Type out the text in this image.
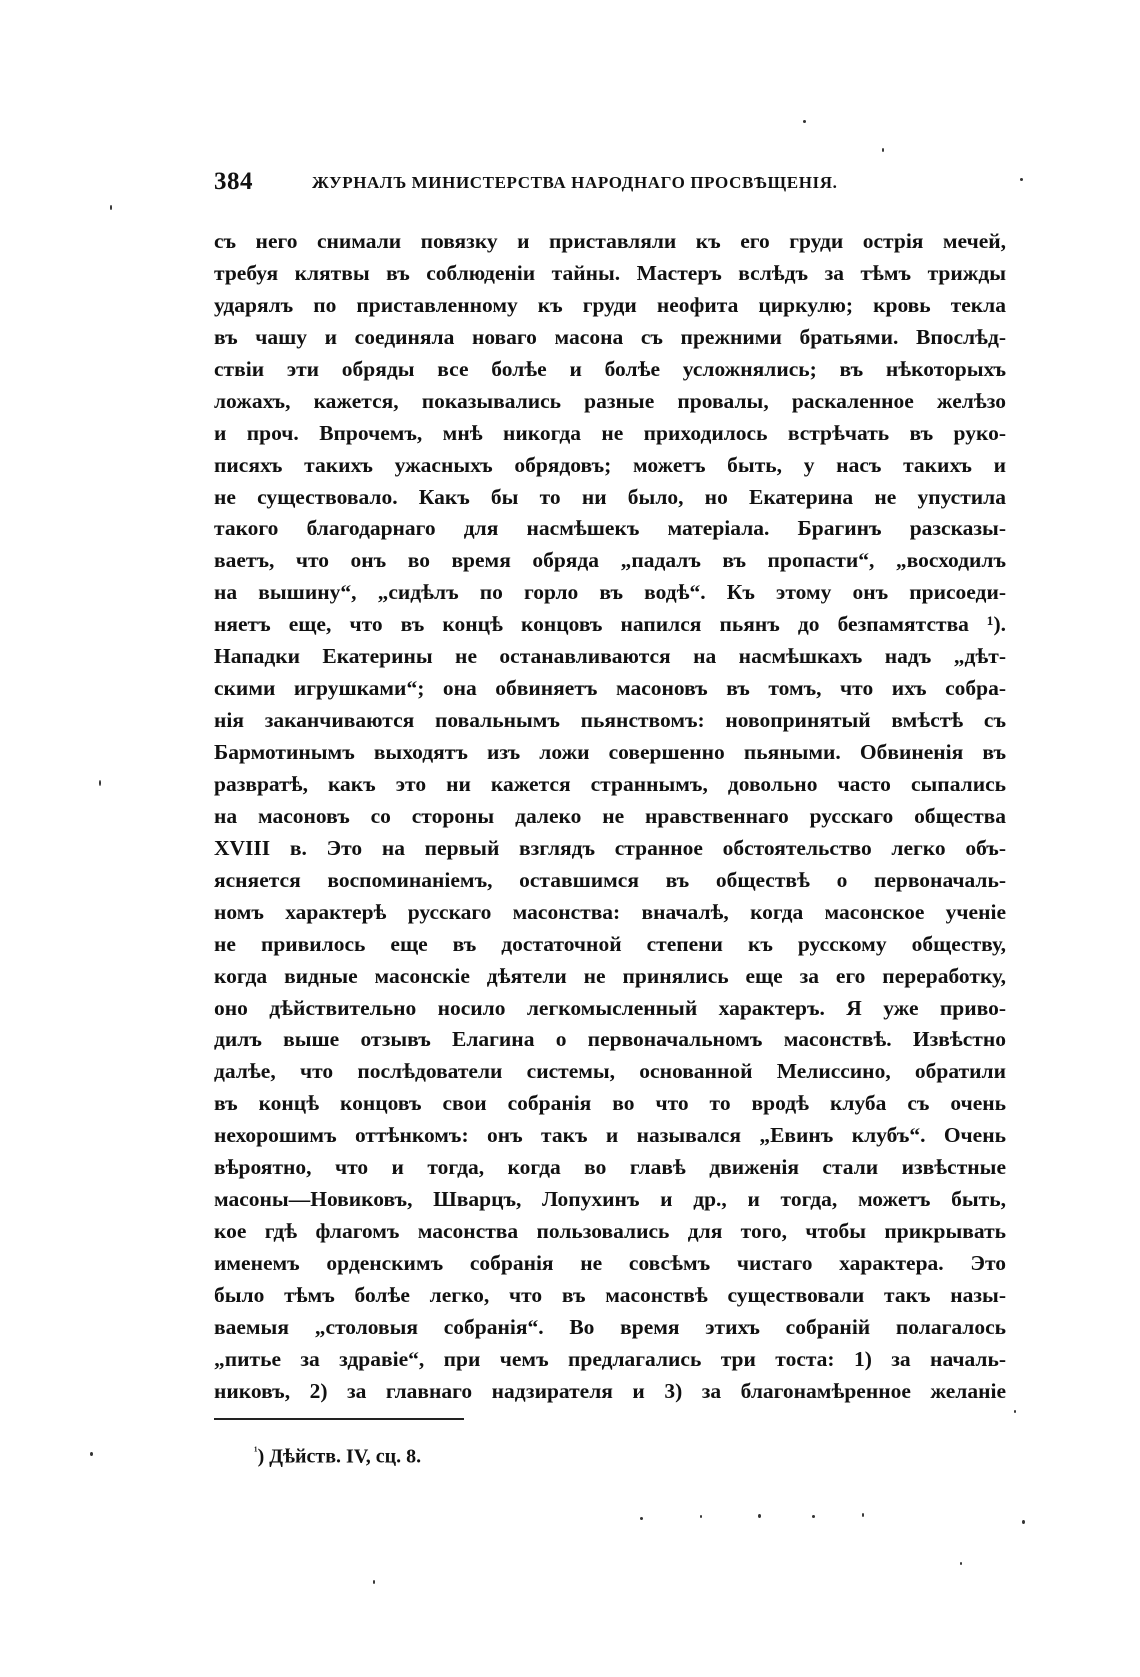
384	ЖУРНАЛЪ МИНИСТЕРСТВА НАРОДНАГО ПРОСВѢЩЕНІЯ.
съ него снимали повязку и приставляли къ его груди острія мечей,
требуя клятвы въ соблюденіи тайны. Мастеръ вслѣдъ за тѣмъ трижды
ударялъ по приставленному къ груди неофита циркулю; кровь текла
въ чашу и соединяла новаго масона съ прежними братьями. Впослѣд-
ствіи эти обряды все болѣе и болѣе усложнялись; въ нѣкоторыхъ
ложахъ, кажется, показывались разные провалы, раскаленное желѣзо
и проч. Впрочемъ, мнѣ никогда не приходилось встрѣчать въ руко-
писяхъ такихъ ужасныхъ обрядовъ; можетъ быть, у насъ такихъ и
не существовало. Какъ бы то ни было, но Екатерина не упустила
такого благодарнаго для насмѣшекъ матеріала. Брагинъ разсказы-
ваетъ, что онъ во время обряда „падалъ въ пропасти“, „восходилъ
на вышину“, „сидѣлъ по горло въ водѣ“. Къ этому онъ присоеди-
няетъ еще, что въ концѣ концовъ напился пьянъ до безпамятства ¹).
Нападки Екатерины не останавливаются на насмѣшкахъ надъ „дѣт-
скими игрушками“; она обвиняетъ масоновъ въ томъ, что ихъ собра-
нія заканчиваются повальнымъ пьянствомъ: новопринятый вмѣстѣ съ
Бармотинымъ выходятъ изъ ложи совершенно пьяными. Обвиненія въ
развратѣ, какъ это ни кажется страннымъ, довольно часто сыпались
на масоновъ со стороны далеко не нравственнаго русскаго общества
XVIII в. Это на первый взглядъ странное обстоятельство легко объ-
ясняется воспоминаніемъ, оставшимся въ обществѣ о первоначаль-
номъ характерѣ русскаго масонства: вначалѣ, когда масонское ученіе
не привилось еще въ достаточной степени къ русскому обществу,
когда видные масонскіе дѣятели не принялись еще за его переработку,
оно дѣйствительно носило легкомысленный характеръ. Я уже приво-
дилъ выше отзывъ Елагина о первоначальномъ масонствѣ. Извѣстно
далѣе, что послѣдователи системы, основанной Мелиссино, обратили
въ концѣ концовъ свои собранія во что то вродѣ клуба съ очень
нехорошимъ оттѣнкомъ: онъ такъ и назывался „Евинъ клубъ“. Очень
вѣроятно, что и тогда, когда во главѣ движенія стали извѣстные
масоны—Новиковъ, Шварцъ, Лопухинъ и др., и тогда, можетъ быть,
кое гдѣ флагомъ масонства пользовались для того, чтобы прикрывать
именемъ орденскимъ собранія не совсѣмъ чистаго характера. Это
было тѣмъ болѣе легко, что въ масонствѣ существовали такъ назы-
ваемыя „столовыя собранія“. Во время этихъ собраній полагалось
„питье за здравіе“, при чемъ предлагались три тоста: 1) за началь-
никовъ, 2) за главнаго надзирателя и 3) за благонамѣренное желаніе
$^{^1}$) Дѣйств. IV, сц. 8.
